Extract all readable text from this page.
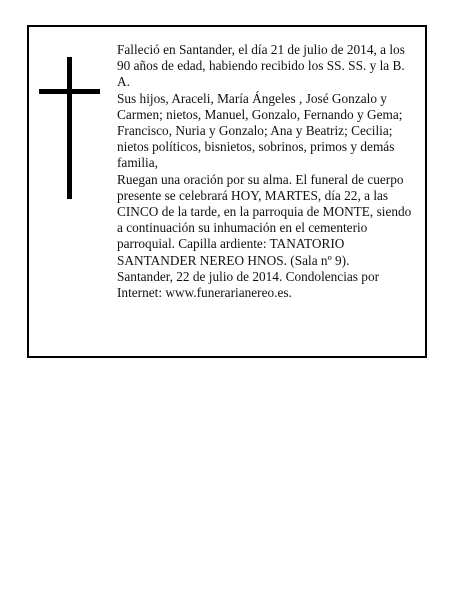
Falleció en Santander, el día 21 de julio de 2014, a los 90 años de edad, habiendo recibido los SS. SS. y la B. A.

Sus hijos, Araceli, María Ángeles , José Gonzalo y Carmen; nietos, Manuel, Gonzalo, Fernando y Gema; Francisco, Nuria y Gonzalo; Ana y Beatriz; Cecilia; nietos políticos, bisnietos, sobrinos, primos y demás familia,

Ruegan una oración por su alma. El funeral de cuerpo presente se celebrará HOY, MARTES, día 22, a las CINCO de la tarde, en la parroquia de MONTE, siendo a continuación su inhumación en el cementerio parroquial. Capilla ardiente: TANATORIO SANTANDER NEREO HNOS. (Sala nº 9).

Santander, 22 de julio de 2014. Condolencias por Internet: www.funerarianereo.es.
